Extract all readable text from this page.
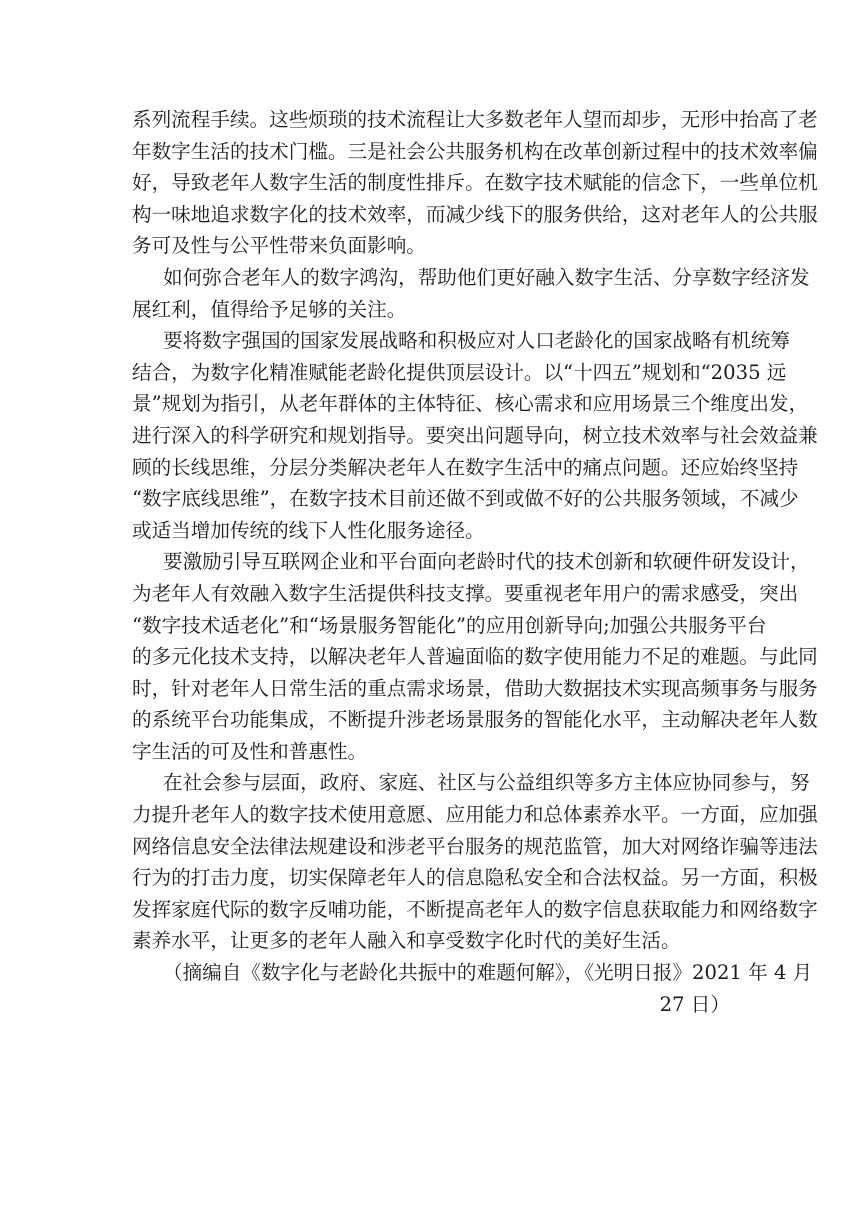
系列流程手续。这些烦琐的技术流程让大多数老年人望而却步，无形中抬高了老
年数字生活的技术门槛。三是社会公共服务机构在改革创新过程中的技术效率偏
好，导致老年人数字生活的制度性排斥。在数字技术赋能的信念下，一些单位机
构一味地追求数字化的技术效率，而减少线下的服务供给，这对老年人的公共服
务可及性与公平性带来负面影响。
如何弥合老年人的数字鸿沟，帮助他们更好融入数字生活、分享数字经济发
展红利，值得给予足够的关注。
要将数字强国的国家发展战略和积极应对人口老龄化的国家战略有机统筹
结合，为数字化精准赋能老龄化提供顶层设计。以“十四五”规划和“2035 远
景”规划为指引，从老年群体的主体特征、核心需求和应用场景三个维度出发，
进行深入的科学研究和规划指导。要突出问题导向，树立技术效率与社会效益兼
顾的长线思维，分层分类解决老年人在数字生活中的痛点问题。还应始终坚持
“数字底线思维”，在数字技术目前还做不到或做不好的公共服务领域，不减少
或适当增加传统的线下人性化服务途径。
要激励引导互联网企业和平台面向老龄时代的技术创新和软硬件研发设计，
为老年人有效融入数字生活提供科技支撑。要重视老年用户的需求感受，突出
“数字技术适老化”和“场景服务智能化”的应用创新导向;加强公共服务平台
的多元化技术支持，以解决老年人普遍面临的数字使用能力不足的难题。与此同
时，针对老年人日常生活的重点需求场景，借助大数据技术实现高频事务与服务
的系统平台功能集成，不断提升涉老场景服务的智能化水平，主动解决老年人数
字生活的可及性和普惠性。
在社会参与层面，政府、家庭、社区与公益组织等多方主体应协同参与，努
力提升老年人的数字技术使用意愿、应用能力和总体素养水平。一方面，应加强
网络信息安全法律法规建设和涉老平台服务的规范监管，加大对网络诈骗等违法
行为的打击力度，切实保障老年人的信息隐私安全和合法权益。另一方面，积极
发挥家庭代际的数字反哺功能，不断提高老年人的数字信息获取能力和网络数字
素养水平，让更多的老年人融入和享受数字化时代的美好生活。
（摘编自《数字化与老龄化共振中的难题何解》，《光明日报》2021 年 4 月
27 日）
